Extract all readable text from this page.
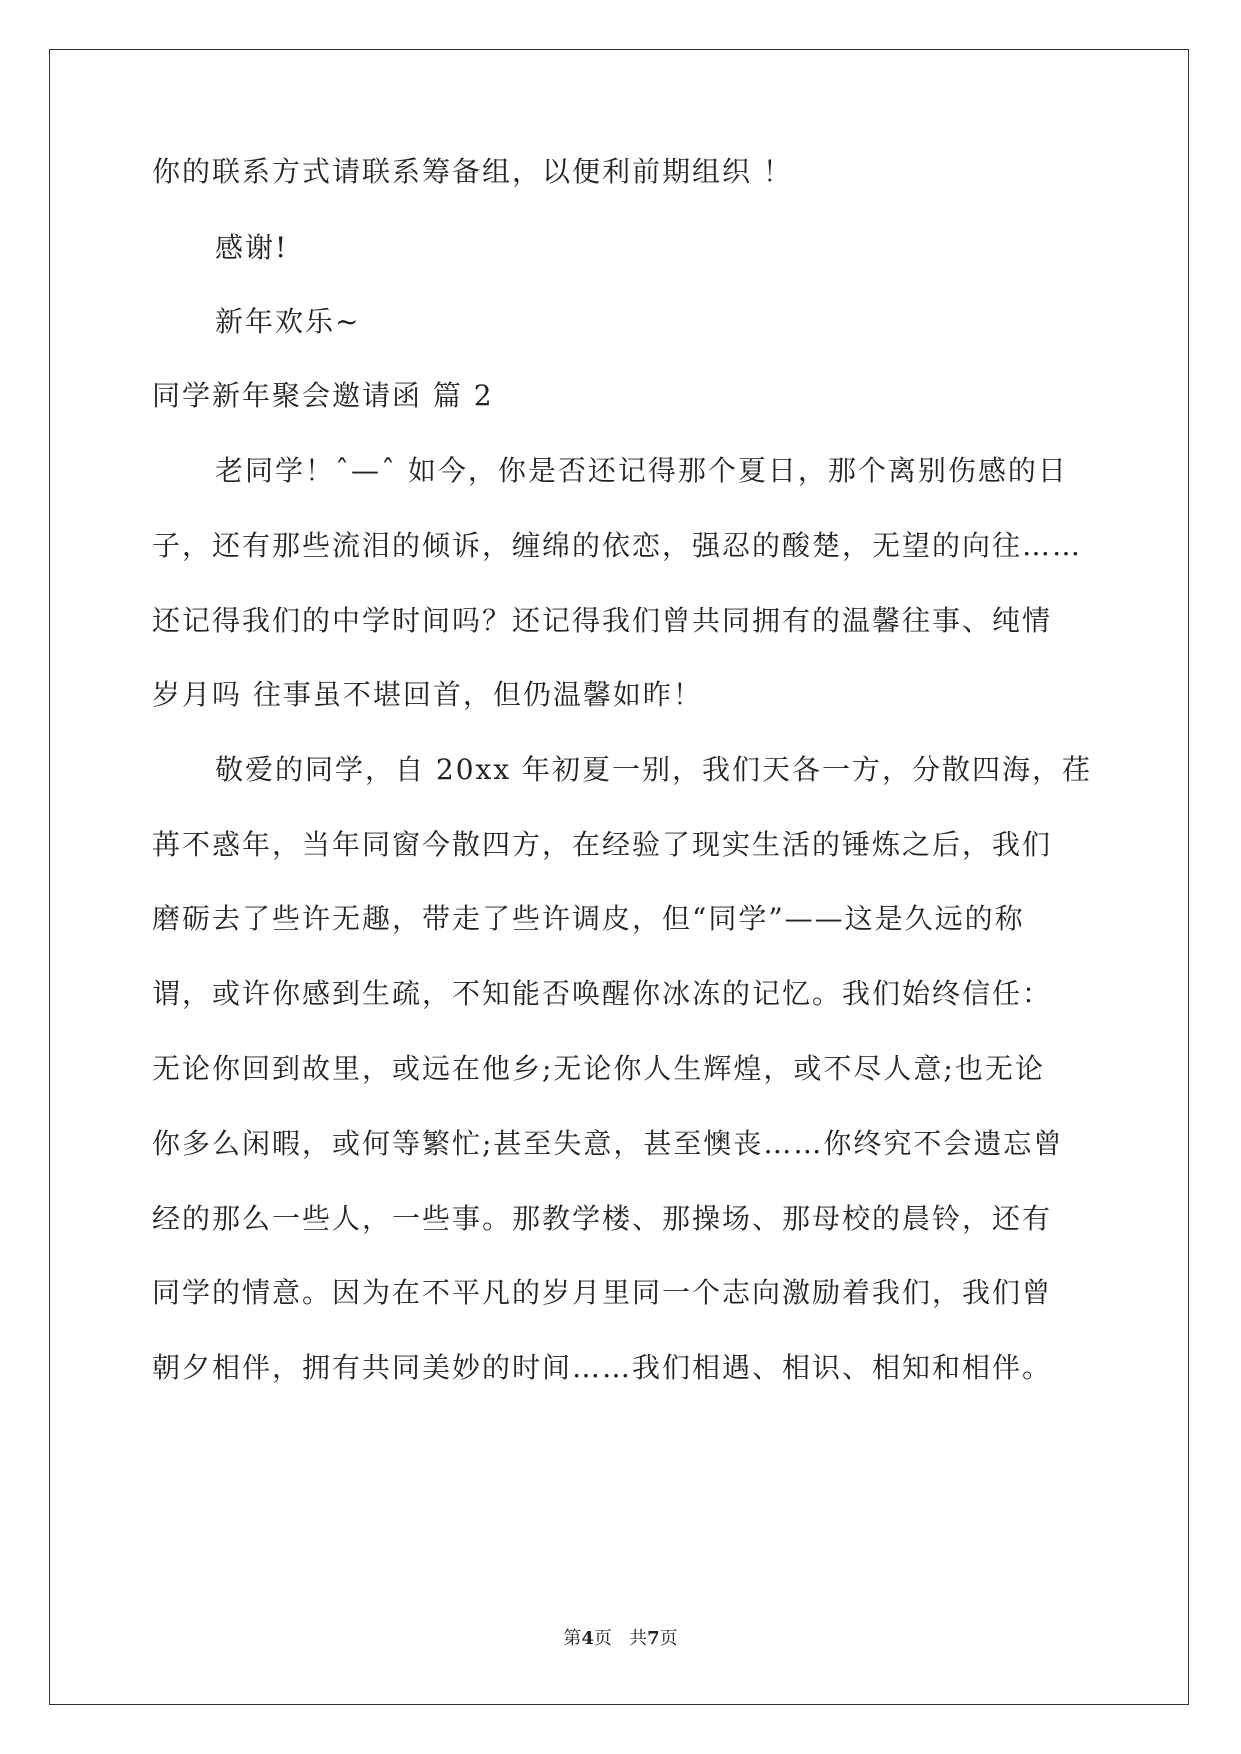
你的联系方式请联系筹备组，以便利前期组织 ！
感谢!
新年欢乐~
同学新年聚会邀请函 篇 2
老同学！ˆ—ˆ 如今，你是否还记得那个夏日，那个离别伤感的日
子，还有那些流泪的倾诉，缠绵的依恋，强忍的酸楚，无望的向往……
还记得我们的中学时间吗？还记得我们曾共同拥有的温馨往事、纯情
岁月吗 往事虽不堪回首，但仍温馨如昨！
敬爱的同学，自 20xx 年初夏一别，我们天各一方，分散四海，荏
苒不惑年，当年同窗今散四方，在经验了现实生活的锤炼之后，我们
磨砺去了些许无趣，带走了些许调皮，但“同学”——这是久远的称
谓，或许你感到生疏，不知能否唤醒你冰冻的记忆。我们始终信任：
无论你回到故里，或远在他乡;无论你人生辉煌，或不尽人意;也无论
你多么闲暇，或何等繁忙;甚至失意，甚至懊丧……你终究不会遗忘曾
经的那么一些人，一些事。那教学楼、那操场、那母校的晨铃，还有
同学的情意。因为在不平凡的岁月里同一个志向激励着我们，我们曾
朝夕相伴，拥有共同美妙的时间……我们相遇、相识、相知和相伴。
第4页 共7页
